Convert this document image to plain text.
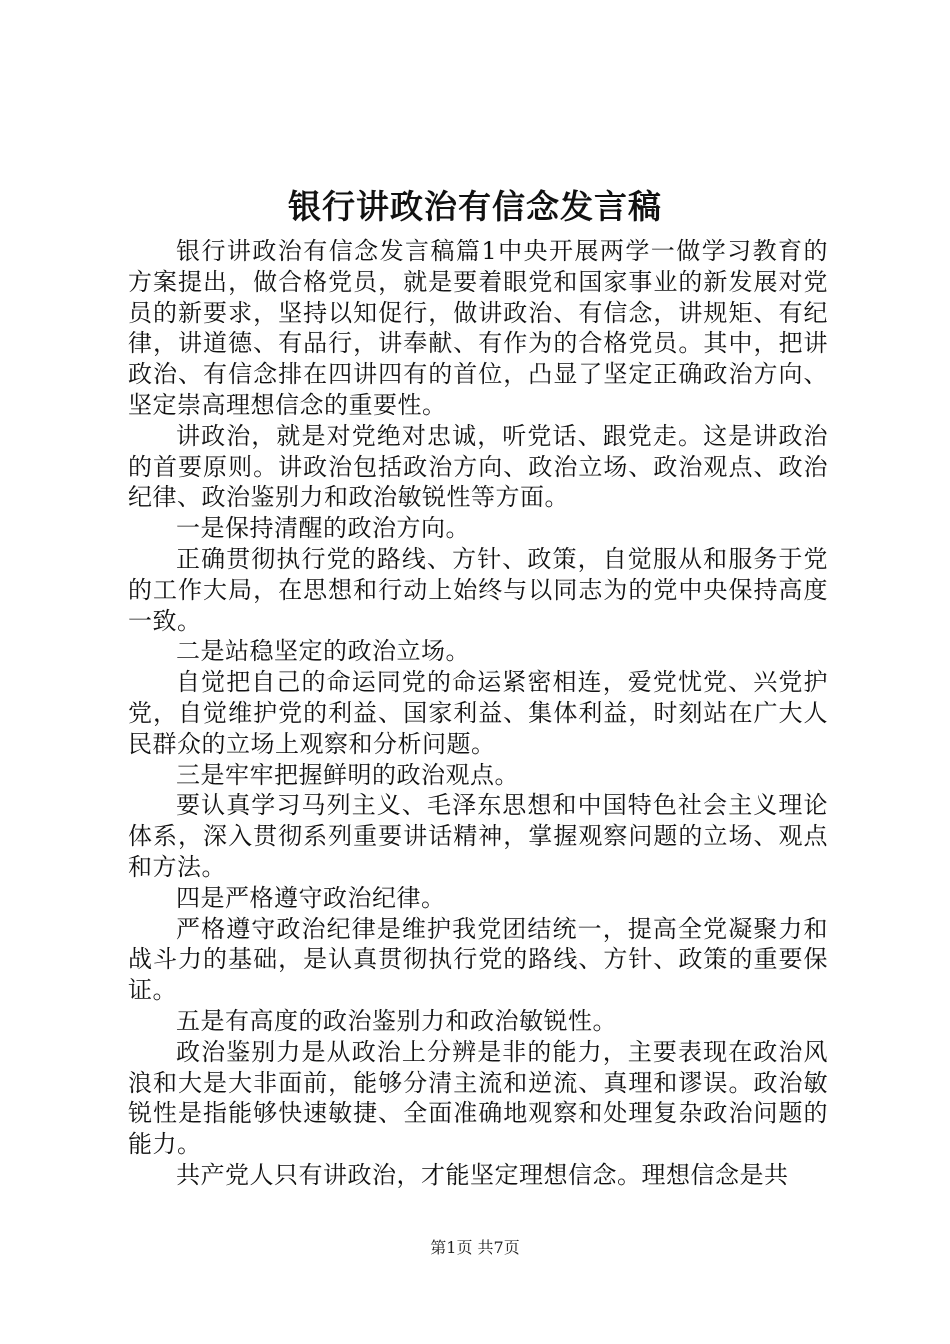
银行讲政治有信念发言稿

银行讲政治有信念发言稿篇1中央开展两学一做学习教育的方案提出，做合格党员，就是要着眼党和国家事业的新发展对党员的新要求，坚持以知促行，做讲政治、有信念，讲规矩、有纪律，讲道德、有品行，讲奉献、有作为的合格党员。其中，把讲政治、有信念排在四讲四有的首位，凸显了坚定正确政治方向、坚定崇高理想信念的重要性。

讲政治，就是对党绝对忠诚，听党话、跟党走。这是讲政治的首要原则。讲政治包括政治方向、政治立场、政治观点、政治纪律、政治鉴别力和政治敏锐性等方面。

一是保持清醒的政治方向。

正确贯彻执行党的路线、方针、政策，自觉服从和服务于党的工作大局，在思想和行动上始终与以同志为的党中央保持高度一致。

二是站稳坚定的政治立场。

自觉把自己的命运同党的命运紧密相连，爱党忧党、兴党护党，自觉维护党的利益、国家利益、集体利益，时刻站在广大人民群众的立场上观察和分析问题。

三是牢牢把握鲜明的政治观点。

要认真学习马列主义、毛泽东思想和中国特色社会主义理论体系，深入贯彻系列重要讲话精神，掌握观察问题的立场、观点和方法。

四是严格遵守政治纪律。

严格遵守政治纪律是维护我党团结统一，提高全党凝聚力和战斗力的基础，是认真贯彻执行党的路线、方针、政策的重要保证。

五是有高度的政治鉴别力和政治敏锐性。

政治鉴别力是从政治上分辨是非的能力，主要表现在政治风浪和大是大非面前，能够分清主流和逆流、真理和谬误。政治敏锐性是指能够快速敏捷、全面准确地观察和处理复杂政治问题的能力。

共产党人只有讲政治，才能坚定理想信念。理想信念是共

第1页 共7页
